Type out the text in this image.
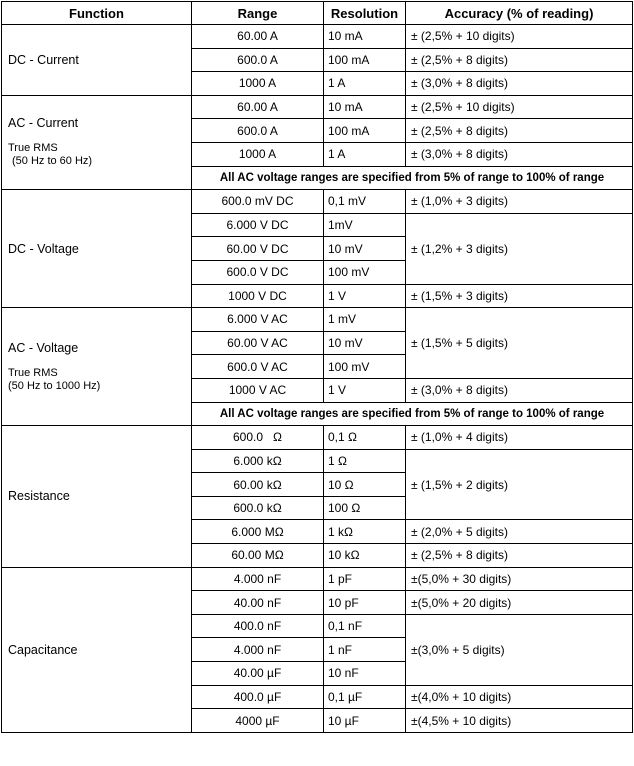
Function	Range	Resolution	Accuracy (% of reading)

DC - Current	60.00 A	10 mA	± (2,5% + 10 digits)
	600.0 A	100 mA	± (2,5% + 8 digits)
	1000 A	1 A	± (3,0% + 8 digits)

AC - Current
True RMS
(50 Hz to 60 Hz)	60.00 A	10 mA	± (2,5% + 10 digits)
	600.0 A	100 mA	± (2,5% + 8 digits)
	1000 A	1 A	± (3,0% + 8 digits)
	All AC voltage ranges are specified from 5% of range to 100% of range		

DC - Voltage	600.0 mV DC	0,1 mV	± (1,0% + 3 digits)
	6.000 V DC	1mV	± (1,2% + 3 digits)
	60.00 V DC	10 mV	
	600.0 V DC	100 mV	
	1000 V DC	1 V	± (1,5% + 3 digits)

AC - Voltage
True RMS
(50 Hz to 1000 Hz)	6.000 V AC	1 mV	± (1,5% + 5 digits)
	60.00 V AC	10 mV	
	600.0 V AC	100 mV	
	1000 V AC	1 V	± (3,0% + 8 digits)
	All AC voltage ranges are specified from 5% of range to 100% of range		

Resistance	600.0   Ω	0,1 Ω	± (1,0% + 4 digits)
	6.000 kΩ	1 Ω	± (1,5% + 2 digits)
	60.00 kΩ	10 Ω	
	600.0 kΩ	100 Ω	
	6.000 MΩ	1 kΩ	± (2,0% + 5 digits)
	60.00 MΩ	10 kΩ	± (2,5% + 8 digits)

Capacitance	4.000 nF	1 pF	±(5,0% + 30 digits)
	40.00 nF	10 pF	±(5,0% + 20 digits)
	400.0 nF	0,1 nF	±(3,0% + 5 digits)
	4.000 nF	1 nF	
	40.00 µF	10 nF	
	400.0 µF	0,1 µF	±(4,0% + 10 digits)
	4000 µF	10 µF	±(4,5% + 10 digits)
